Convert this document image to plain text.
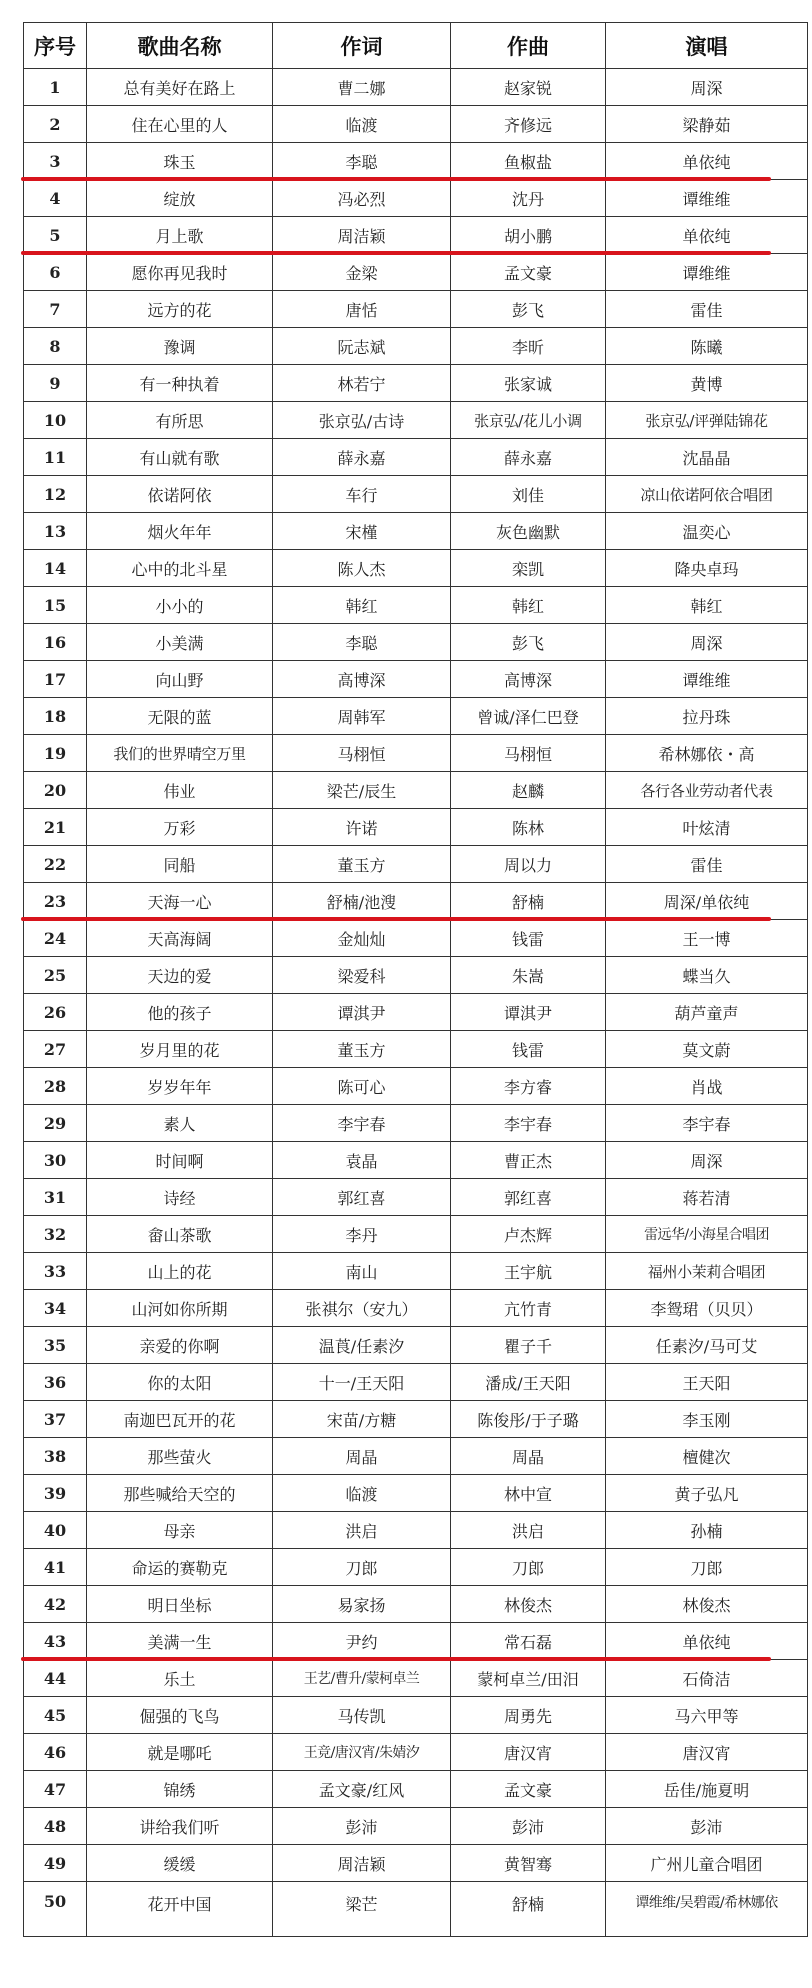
序号	歌曲名称	作词	作曲	演唱
1	总有美好在路上	曹二娜	赵家锐	周深
2	住在心里的人	临渡	齐修远	梁静茹
3	珠玉	李聪	鱼椒盐	单依纯
4	绽放	冯必烈	沈丹	谭维维
5	月上歌	周洁颖	胡小鹏	单依纯
6	愿你再见我时	金梁	孟文豪	谭维维
7	远方的花	唐恬	彭飞	雷佳
8	豫调	阮志斌	李昕	陈曦
9	有一种执着	林若宁	张家诚	黄博
10	有所思	张京弘/古诗	张京弘/花儿小调	张京弘/评弹陆锦花
11	有山就有歌	薛永嘉	薛永嘉	沈晶晶
12	依诺阿依	车行	刘佳	凉山依诺阿依合唱团
13	烟火年年	宋槿	灰色幽默	温奕心
14	心中的北斗星	陈人杰	栾凯	降央卓玛
15	小小的	韩红	韩红	韩红
16	小美满	李聪	彭飞	周深
17	向山野	高博深	高博深	谭维维
18	无限的蓝	周韩军	曾诚/泽仁巴登	拉丹珠
19	我们的世界晴空万里	马栩恒	马栩恒	希林娜依・高
20	伟业	梁芒/辰生	赵麟	各行各业劳动者代表
21	万彩	许诺	陈林	叶炫清
22	同船	董玉方	周以力	雷佳
23	天海一心	舒楠/池溲	舒楠	周深/单依纯
24	天高海阔	金灿灿	钱雷	王一博
25	天边的爱	梁爱科	朱嵩	蝶当久
26	他的孩子	谭淇尹	谭淇尹	葫芦童声
27	岁月里的花	董玉方	钱雷	莫文蔚
28	岁岁年年	陈可心	李方睿	肖战
29	素人	李宇春	李宇春	李宇春
30	时间啊	袁晶	曹正杰	周深
31	诗经	郭红喜	郭红喜	蒋若清
32	畲山茶歌	李丹	卢杰辉	雷远华/小海星合唱团
33	山上的花	南山	王宇航	福州小茉莉合唱团
34	山河如你所期	张祺尔（安九）	亢竹青	李鸳珺（贝贝）
35	亲爱的你啊	温莨/任素汐	瞿子千	任素汐/马可艾
36	你的太阳	十一/王天阳	潘成/王天阳	王天阳
37	南迦巴瓦开的花	宋苗/方糖	陈俊彤/于子璐	李玉刚
38	那些萤火	周晶	周晶	檀健次
39	那些喊给天空的	临渡	林中宣	黄子弘凡
40	母亲	洪启	洪启	孙楠
41	命运的赛勒克	刀郎	刀郎	刀郎
42	明日坐标	易家扬	林俊杰	林俊杰
43	美满一生	尹约	常石磊	单依纯
44	乐土	王艺/曹升/蒙柯卓兰	蒙柯卓兰/田汨	石倚洁
45	倔强的飞鸟	马传凯	周勇先	马六甲等
46	就是哪吒	王竞/唐汉宵/朱婧汐	唐汉宵	唐汉宵
47	锦绣	孟文豪/红风	孟文豪	岳佳/施夏明
48	讲给我们听	彭沛	彭沛	彭沛
49	缓缓	周洁颖	黄智骞	广州儿童合唱团
50	花开中国	梁芒	舒楠	谭维维/吴碧霞/希林娜依
